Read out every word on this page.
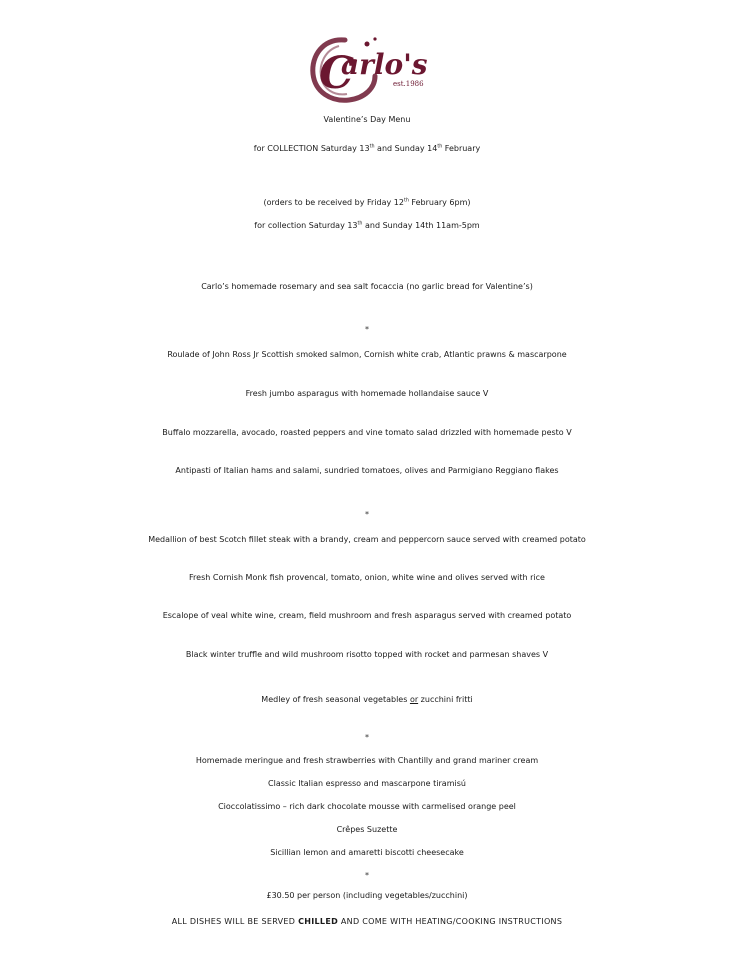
C
arlo's
est.1986
Valentine’s Day Menu
for COLLECTION Saturday 13th and Sunday 14th February
(orders to be received by Friday 12th February 6pm)
for collection Saturday 13th and Sunday 14th 11am-5pm
Carlo’s homemade rosemary and sea salt focaccia (no garlic bread for Valentine’s)
*
Roulade of John Ross Jr Scottish smoked salmon, Cornish white crab, Atlantic prawns & mascarpone
Fresh jumbo asparagus with homemade hollandaise sauce V
Buffalo mozzarella, avocado, roasted peppers and vine tomato salad drizzled with homemade pesto V
Antipasti of Italian hams and salami, sundried tomatoes, olives and Parmigiano Reggiano flakes
*
Medallion of best Scotch fillet steak with a brandy, cream and peppercorn sauce served with creamed potato
Fresh Cornish Monk fish provencal, tomato, onion, white wine and olives served with rice
Escalope of veal white wine, cream, field mushroom and fresh asparagus served with creamed potato
Black winter truffle and wild mushroom risotto topped with rocket and parmesan shaves V
Medley of fresh seasonal vegetables or zucchini fritti
*
Homemade meringue and fresh strawberries with Chantilly and grand mariner cream
Classic Italian espresso and mascarpone tiramisú
Cioccolatissimo – rich dark chocolate mousse with carmelised orange peel
Crêpes Suzette
Sicillian lemon and amaretti biscotti cheesecake
*
£30.50 per person (including vegetables/zucchini)
ALL DISHES WILL BE SERVED CHILLED AND COME WITH HEATING/COOKING INSTRUCTIONS
